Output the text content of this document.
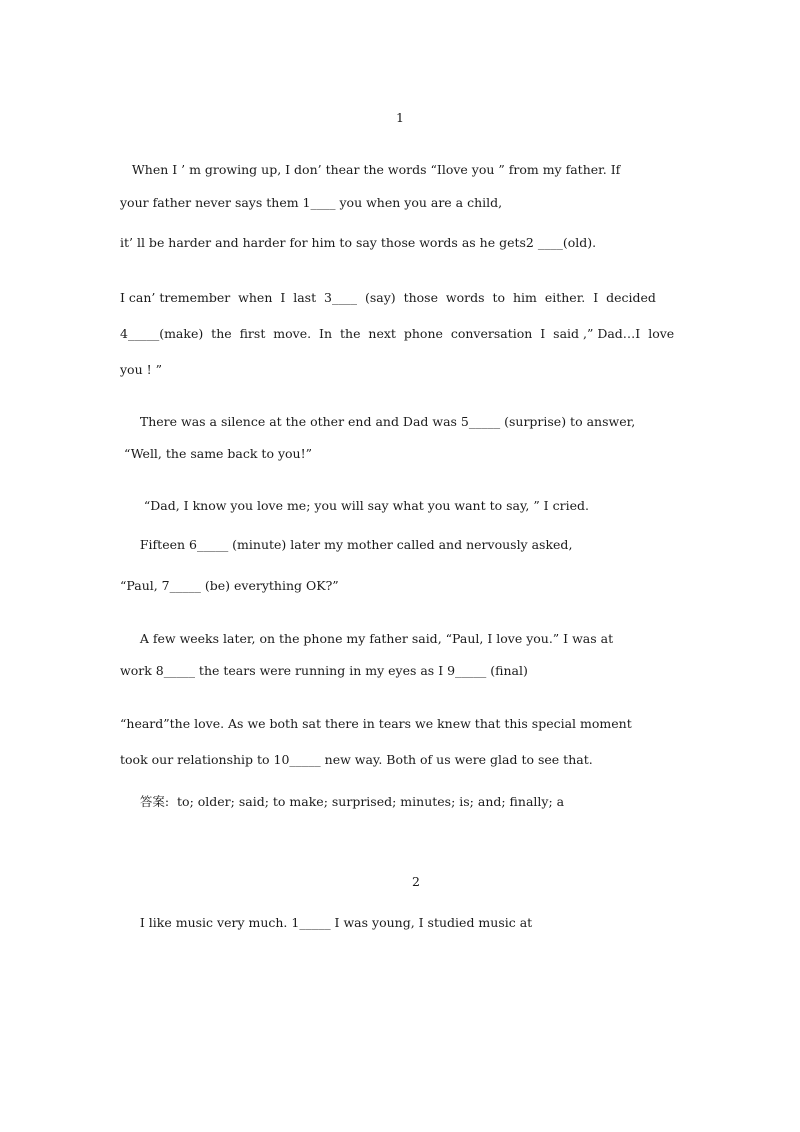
1
When I ’ m growing up, I don’ thear the words “Ilove you ” from my father. If
your father never says them 1____ you when you are a child,
it’ ll be harder and harder for him to say those words as he gets2 ____(old).
I can’ tremember  when  I  last  3____  (say)  those  words  to  him  either.  I  decided
4_____(make)  the  first  move.  In  the  next  phone  conversation  I  said ,” Dad…I  love
you ! ”
There was a silence at the other end and Dad was 5_____ (surprise) to answer,
“Well, the same back to you!”
“Dad, I know you love me; you will say what you want to say, ” I cried.
Fifteen 6_____ (minute) later my mother called and nervously asked,
“Paul, 7_____ (be) everything OK?”
A few weeks later, on the phone my father said, “Paul, I love you.” I was at
work 8_____ the tears were running in my eyes as I 9_____ (final)
“heard”the love. As we both sat there in tears we knew that this special moment
took our relationship to 10_____ new way. Both of us were glad to see that.
答案:  to; older; said; to make; surprised; minutes; is; and; finally; a
2
I like music very much. 1_____ I was young, I studied music at
